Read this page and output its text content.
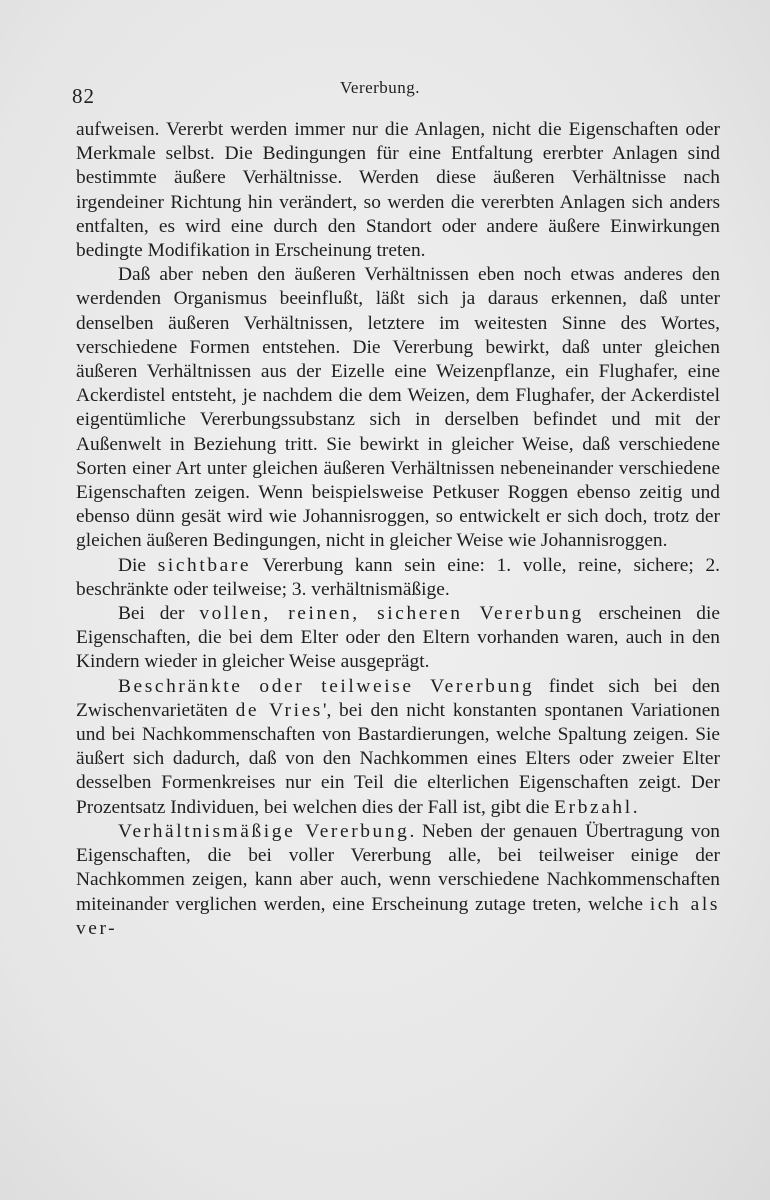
82	Vererbung.

aufweisen. Vererbt werden immer nur die Anlagen, nicht die Eigenschaften oder Merkmale selbst. Die Bedingungen für eine Entfaltung ererbter Anlagen sind bestimmte äußere Verhältnisse. Werden diese äußeren Verhältnisse nach irgendeiner Richtung hin verändert, so werden die vererbten Anlagen sich anders entfalten, es wird eine durch den Standort oder andere äußere Einwirkungen bedingte Modifikation in Erscheinung treten.

Daß aber neben den äußeren Verhältnissen eben noch etwas anderes den werdenden Organismus beeinflußt, läßt sich ja daraus erkennen, daß unter denselben äußeren Verhältnissen, letztere im weitesten Sinne des Wortes, verschiedene Formen entstehen. Die Vererbung bewirkt, daß unter gleichen äußeren Verhältnissen aus der Eizelle eine Weizenpflanze, ein Flughafer, eine Ackerdistel entsteht, je nachdem die dem Weizen, dem Flughafer, der Ackerdistel eigentümliche Vererbungssubstanz sich in derselben befindet und mit der Außenwelt in Beziehung tritt. Sie bewirkt in gleicher Weise, daß verschiedene Sorten einer Art unter gleichen äußeren Verhältnissen nebeneinander verschiedene Eigenschaften zeigen. Wenn beispielsweise Petkuser Roggen ebenso zeitig und ebenso dünn gesät wird wie Johannisroggen, so entwickelt er sich doch, trotz der gleichen äußeren Bedingungen, nicht in gleicher Weise wie Johannisroggen.

Die sichtbare Vererbung kann sein eine: 1. volle, reine, sichere; 2. beschränkte oder teilweise; 3. verhältnismäßige.

Bei der vollen, reinen, sicheren Vererbung erscheinen die Eigenschaften, die bei dem Elter oder den Eltern vorhanden waren, auch in den Kindern wieder in gleicher Weise ausgeprägt.

Beschränkte oder teilweise Vererbung findet sich bei den Zwischenvarietäten de Vries', bei den nicht konstanten spontanen Variationen und bei Nachkommenschaften von Bastardierungen, welche Spaltung zeigen. Sie äußert sich dadurch, daß von den Nachkommen eines Elters oder zweier Elter desselben Formenkreises nur ein Teil die elterlichen Eigenschaften zeigt. Der Prozentsatz Individuen, bei welchen dies der Fall ist, gibt die Erbzahl.

Verhältnismäßige Vererbung. Neben der genauen Übertragung von Eigenschaften, die bei voller Vererbung alle, bei teilweiser einige der Nachkommen zeigen, kann aber auch, wenn verschiedene Nachkommenschaften miteinander verglichen werden, eine Erscheinung zutage treten, welche ich als ver-
